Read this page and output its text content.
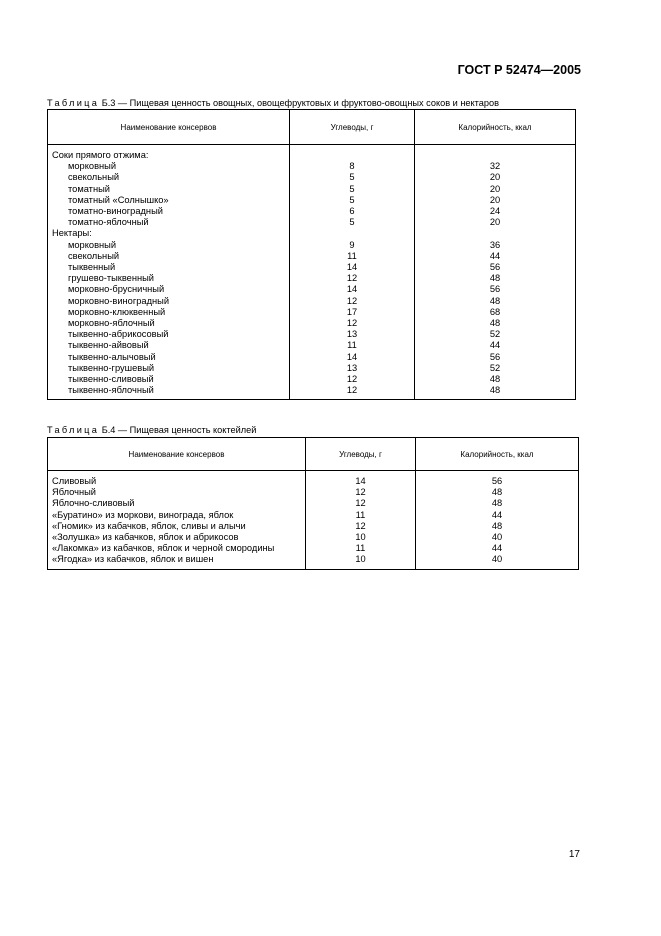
ГОСТ Р 52474—2005
Таблица Б.3 — Пищевая ценность овощных, овощефруктовых и фруктово-овощных соков и нектаров
Наименование консервов	Углеводы, г	Калорийность, ккал
Соки прямого отжима:		
морковный	8	32
свекольный	5	20
томатный	5	20
томатный «Солнышко»	5	20
томатно-виноградный	6	24
томатно-яблочный	5	20
Нектары:		
морковный	9	36
свекольный	11	44
тыквенный	14	56
грушево-тыквенный	12	48
морковно-брусничный	14	56
морковно-виноградный	12	48
морковно-клюквенный	17	68
морковно-яблочный	12	48
тыквенно-абрикосовый	13	52
тыквенно-айвовый	11	44
тыквенно-алычовый	14	56
тыквенно-грушевый	13	52
тыквенно-сливовый	12	48
тыквенно-яблочный	12	48
Таблица Б.4 — Пищевая ценность коктейлей
Наименование консервов	Углеводы, г	Калорийность, ккал
Сливовый	14	56
Яблочный	12	48
Яблочно-сливовый	12	48
«Буратино» из моркови, винограда, яблок	11	44
«Гномик» из кабачков, яблок, сливы и алычи	12	48
«Золушка» из кабачков, яблок и абрикосов	10	40
«Лакомка» из кабачков, яблок и черной смородины	11	44
«Ягодка» из кабачков, яблок и вишен	10	40
17
